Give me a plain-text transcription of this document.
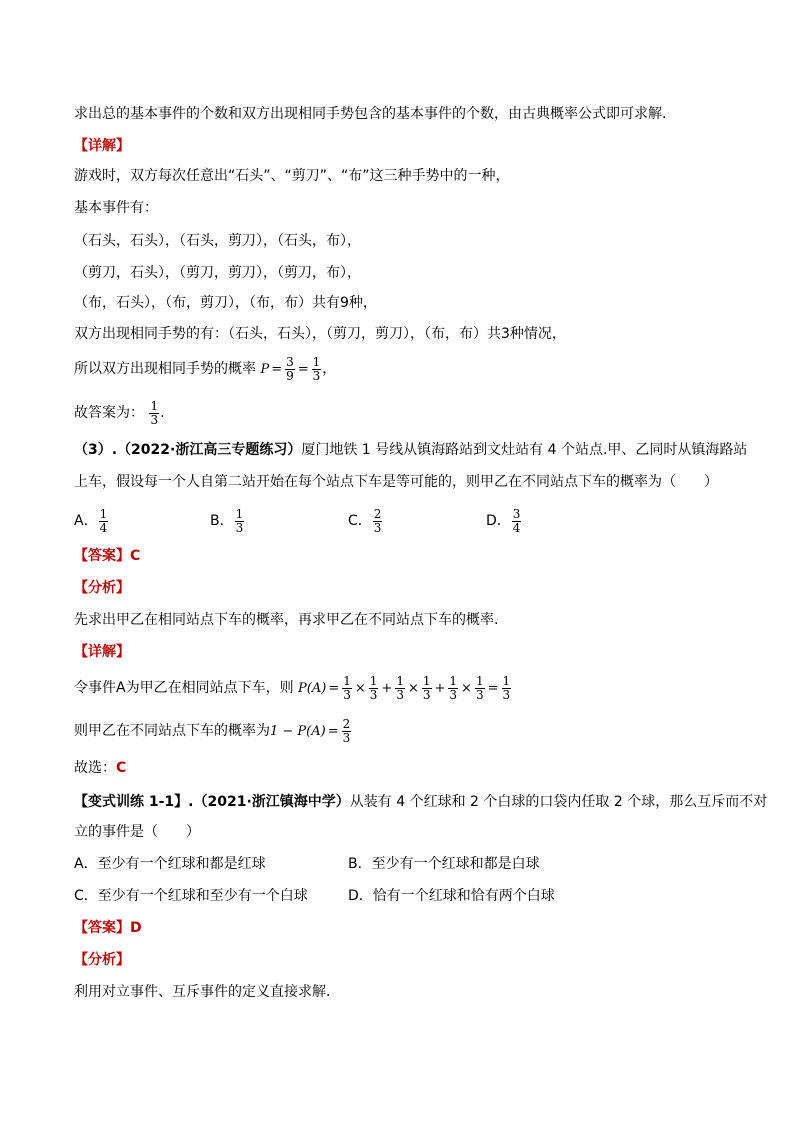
求出总的基本事件的个数和双方出现相同手势包含的基本事件的个数，由古典概率公式即可求解.
【详解】
游戏时，双方每次任意出“石头”、“剪刀”、“布”这三种手势中的一种，
基本事件有：
（石头，石头），（石头，剪刀），（石头，布），
（剪刀，石头），（剪刀，剪刀），（剪刀，布），
（布，石头），（布，剪刀），（布，布）共有9种，
双方出现相同手势的有：（石头，石头），（剪刀，剪刀），（布，布）共3种情况，
所以双方出现相同手势的概率 $P = \frac{3}{9} = \frac{1}{3}$ ，
故答案为： $\frac{1}{3}$ .
（3）.（2022·浙江高三专题练习）厦门地铁 1 号线从镇海路站到文灶站有 4 个站点.甲、乙同时从镇海路站
上车，假设每一个人自第二站开始在每个站点下车是等可能的，则甲乙在不同站点下车的概率为（　　）
A． $\frac{1}{4}$	B． $\frac{1}{3}$	C． $\frac{2}{3}$	D． $\frac{3}{4}$
【答案】C
【分析】
先求出甲乙在相同站点下车的概率，再求甲乙在不同站点下车的概率.
【详解】
令事件A为甲乙在相同站点下车，则 $P(A) = \frac{1}{3} \times \frac{1}{3} + \frac{1}{3} \times \frac{1}{3} + \frac{1}{3} \times \frac{1}{3} = \frac{1}{3}$
则甲乙在不同站点下车的概率为$1 - P(A) = \frac{2}{3}$
故选：C
【变式训练 1-1】.（2021·浙江镇海中学）从装有 4 个红球和 2 个白球的口袋内任取 2 个球，那么互斥而不对
立的事件是（　　）
A．至少有一个红球和都是红球	B．至少有一个红球和都是白球
C．至少有一个红球和至少有一个白球	D．恰有一个红球和恰有两个白球
【答案】D
【分析】
利用对立事件、互斥事件的定义直接求解．
